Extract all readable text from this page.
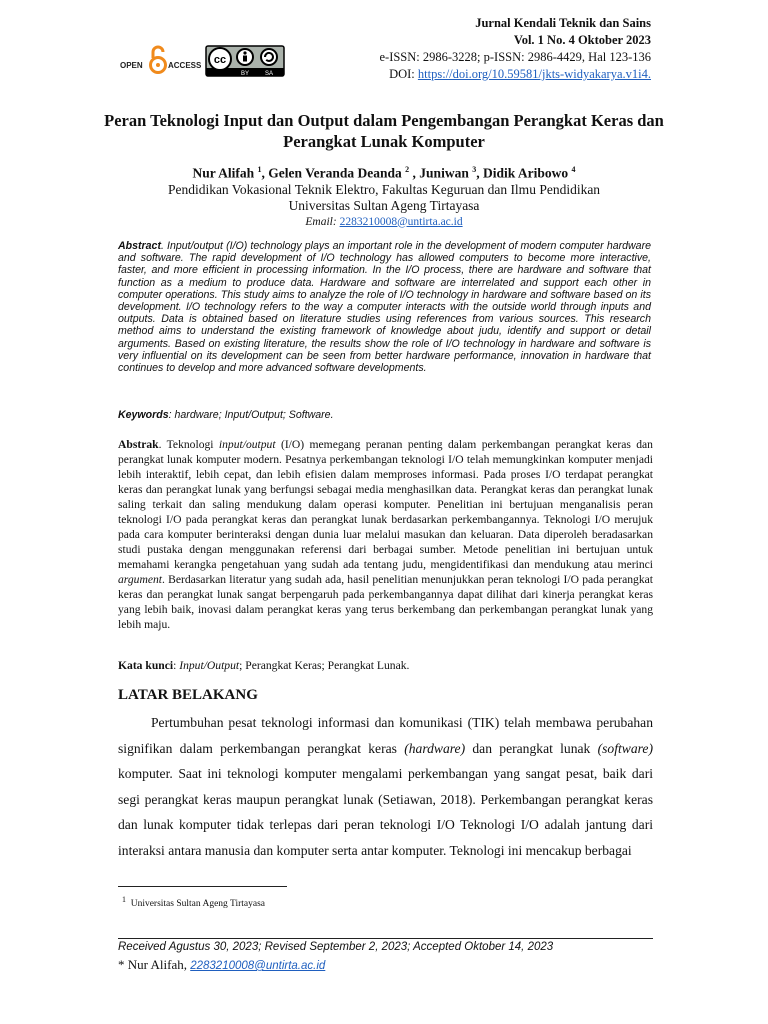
OPEN	ACCESS cc
BY	SA
Jurnal Kendali Teknik dan Sains
Vol. 1 No. 4 Oktober 2023
e-ISSN: 2986-3228; p-ISSN: 2986-4429, Hal 123-136
DOI: https://doi.org/10.59581/jkts-widyakarya.v1i4.
Peran Teknologi Input dan Output dalam Pengembangan Perangkat Keras dan Perangkat Lunak Komputer
Nur Alifah $^1$, Gelen Veranda Deanda $^2$ , Juniwan $^3$, Didik Aribowo $^4$
Pendidikan Vokasional Teknik Elektro, Fakultas Keguruan dan Ilmu Pendidikan
Universitas Sultan Ageng Tirtayasa
Email: 2283210008@untirta.ac.id
Abstract. Input/output (I/O) technology plays an important role in the development of modern computer hardware and software. The rapid development of I/O technology has allowed computers to become more interactive, faster, and more efficient in processing information. In the I/O process, there are hardware and software that function as a medium to produce data. Hardware and software are interrelated and support each other in computer operations. This study aims to analyze the role of I/O technology in hardware and software based on its development. I/O technology refers to the way a computer interacts with the outside world through inputs and outputs. Data is obtained based on literature studies using references from various sources. This research method aims to understand the existing framework of knowledge about judu, identify and support or detail arguments. Based on existing literature, the results show the role of I/O technology in hardware and software is very influential on its development can be seen from better hardware performance, innovation in hardware that continues to develop and more advanced software developments.
Keywords: hardware; Input/Output; Software.
Abstrak. Teknologi input/output (I/O) memegang peranan penting dalam perkembangan perangkat keras dan perangkat lunak komputer modern. Pesatnya perkembangan teknologi I/O telah memungkinkan komputer menjadi lebih interaktif, lebih cepat, dan lebih efisien dalam memproses informasi. Pada proses I/O terdapat perangkat keras dan perangkat lunak yang berfungsi sebagai media menghasilkan data. Perangkat keras dan perangkat lunak saling terkait dan saling mendukung dalam operasi komputer. Penelitian ini bertujuan menganalisis peran teknologi I/O pada perangkat keras dan perangkat lunak berdasarkan perkembangannya. Teknologi I/O merujuk pada cara komputer berinteraksi dengan dunia luar melalui masukan dan keluaran. Data diperoleh beradasarkan studi pustaka dengan menggunakan referensi dari berbagai sumber. Metode penelitian ini bertujuan untuk memahami kerangka pengetahuan yang sudah ada tentang judu, mengidentifikasi dan mendukung atau merinci argument. Berdasarkan literatur yang sudah ada, hasil penelitian menunjukkan peran teknologi I/O pada perangkat keras dan perangkat lunak sangat berpengaruh pada perkembangannya dapat dilihat dari kinerja perangkat keras yang lebih baik, inovasi dalam perangkat keras yang terus berkembang dan perkembangan perangkat lunak yang lebih maju.
Kata kunci: Input/Output; Perangkat Keras; Perangkat Lunak.
LATAR BELAKANG

Pertumbuhan pesat teknologi informasi dan komunikasi (TIK) telah membawa perubahan signifikan dalam perkembangan perangkat keras (hardware) dan perangkat lunak (software) komputer. Saat ini teknologi komputer mengalami perkembangan yang sangat pesat, baik dari segi perangkat keras maupun perangkat lunak (Setiawan, 2018). Perkembangan perangkat keras dan lunak komputer tidak terlepas dari peran teknologi I/O Teknologi I/O adalah jantung dari interaksi antara manusia dan komputer serta antar komputer. Teknologi ini mencakup berbagai

$^1$ Universitas Sultan Ageng Tirtayasa
Received Agustus 30, 2023; Revised September 2, 2023; Accepted Oktober 14, 2023
* Nur Alifah, 2283210008@untirta.ac.id
